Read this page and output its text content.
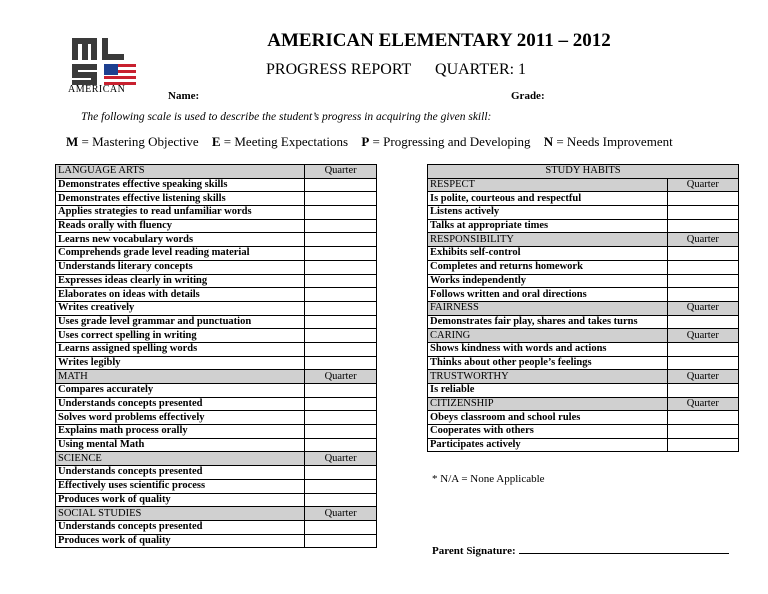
AMERICAN
AMERICAN ELEMENTARY 2011 – 2012
PROGRESS REPORT QUARTER: 1
Name:	Grade:
The following scale is used to describe the student’s progress in acquiring the given skill:
M = Mastering Objective E = Meeting Expectations P = Progressing and Developing N = Needs Improvement
LANGUAGE ARTS	Quarter
Demonstrates effective speaking skills	
Demonstrates effective listening skills	
Applies strategies to read unfamiliar words	
Reads orally with fluency	
Learns new vocabulary words	
Comprehends grade level reading material	
Understands literary concepts	
Expresses ideas clearly in writing	
Elaborates on ideas with details	
Writes creatively	
Uses grade level grammar and punctuation	
Uses correct spelling in writing	
Learns assigned spelling words	
Writes legibly	
MATH	Quarter
Compares accurately	
Understands concepts presented	
Solves word problems effectively	
Explains math process orally	
Using mental Math	
SCIENCE	Quarter
Understands concepts presented	
Effectively uses scientific process	
Produces work of quality	
SOCIAL STUDIES	Quarter
Understands concepts presented	
Produces work of quality	
STUDY HABITS	
RESPECT	Quarter
Is polite, courteous and respectful	
Listens actively	
Talks at appropriate times	
RESPONSIBILITY	Quarter
Exhibits self-control	
Completes and returns homework	
Works independently	
Follows written and oral directions	
FAIRNESS	Quarter
Demonstrates fair play, shares and takes turns	
CARING	Quarter
Shows kindness with words and actions	
Thinks about other people’s feelings	
TRUSTWORTHY	Quarter
Is reliable	
CITIZENSHIP	Quarter
Obeys classroom and school rules	
Cooperates with others	
Participates actively	
* N/A = None Applicable
Parent Signature:
